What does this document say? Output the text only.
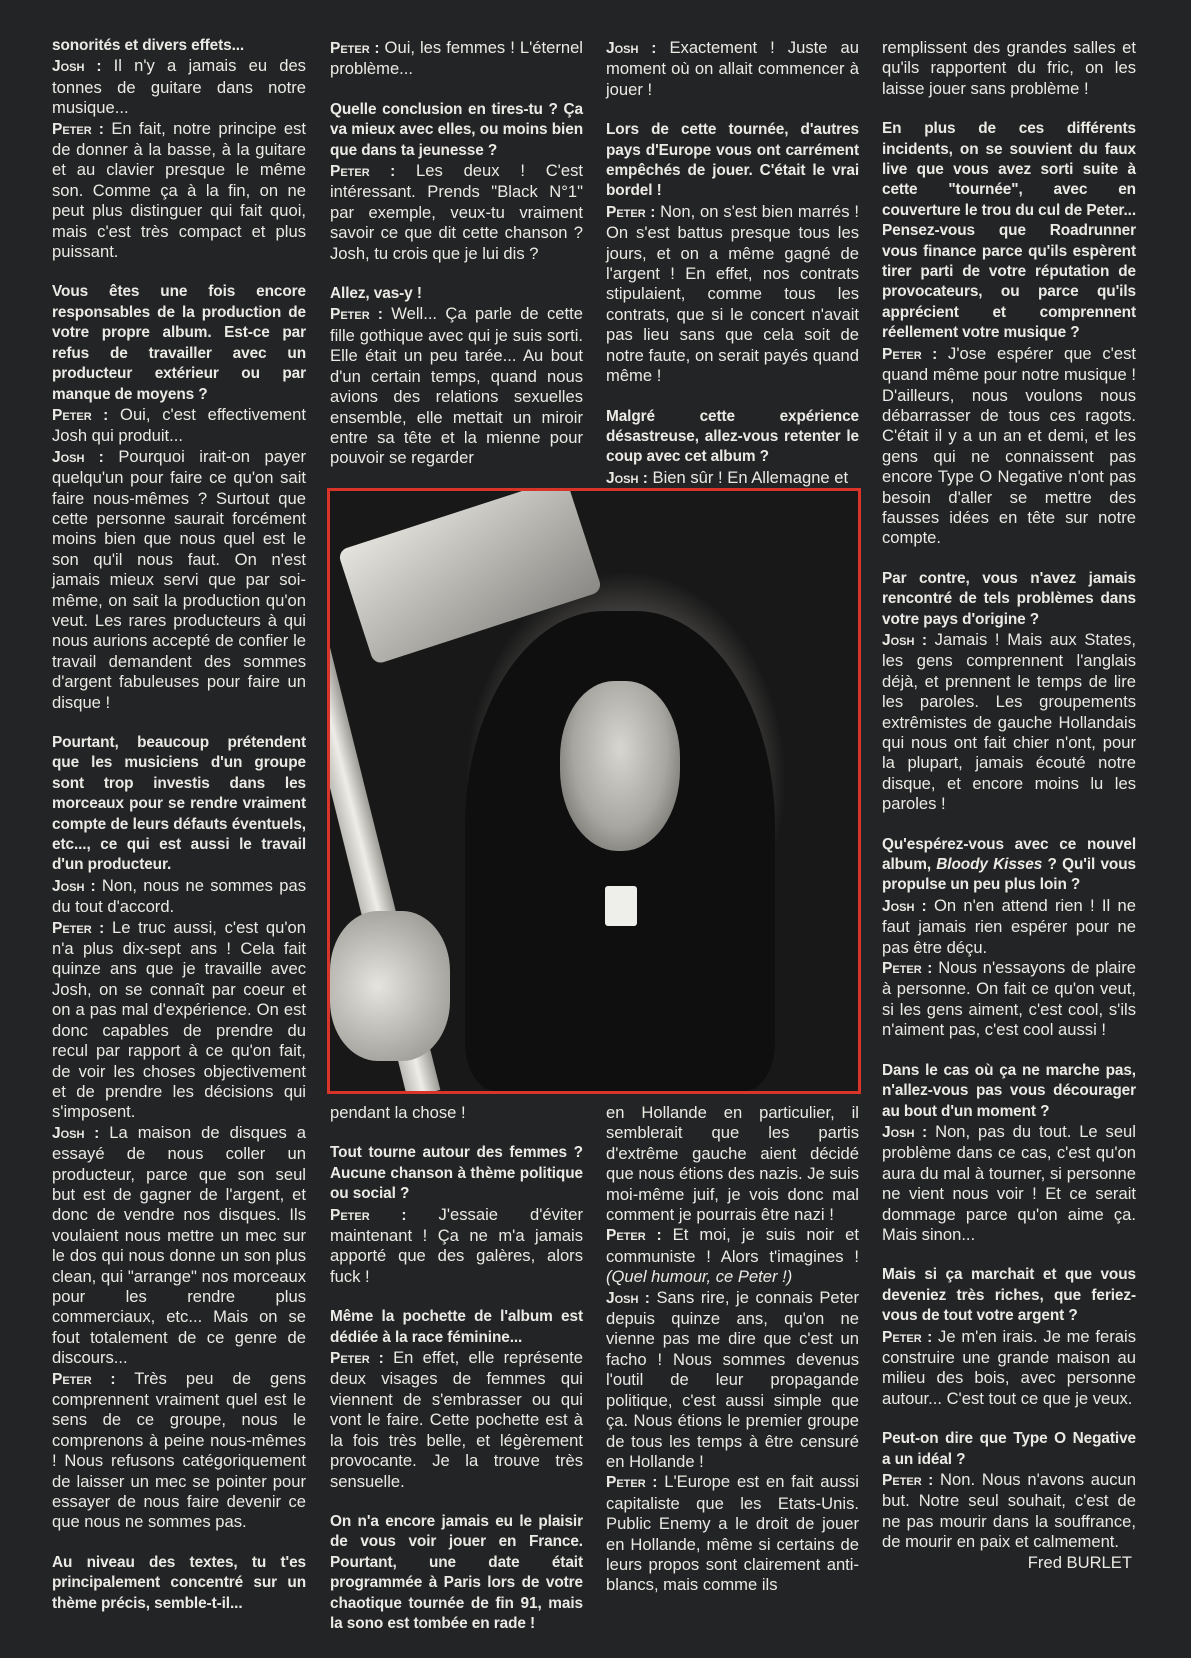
sonorités et divers effets...

Josh : Il n'y a jamais eu des tonnes de guitare dans notre musique...

Peter : En fait, notre principe est de donner à la basse, à la guitare et au clavier presque le même son. Comme ça à la fin, on ne peut plus distinguer qui fait quoi, mais c'est très compact et plus puissant.

Vous êtes une fois encore responsables de la production de votre propre album. Est-ce par refus de travailler avec un producteur extérieur ou par manque de moyens ?

Peter : Oui, c'est effectivement Josh qui produit...

Josh : Pourquoi irait-on payer quelqu'un pour faire ce qu'on sait faire nous-mêmes ? Surtout que cette personne saurait forcément moins bien que nous quel est le son qu'il nous faut. On n'est jamais mieux servi que par soi-même, on sait la production qu'on veut. Les rares producteurs à qui nous aurions accepté de confier le travail demandent des sommes d'argent fabuleuses pour faire un disque !

Pourtant, beaucoup prétendent que les musiciens d'un groupe sont trop investis dans les morceaux pour se rendre vraiment compte de leurs défauts éventuels, etc..., ce qui est aussi le travail d'un producteur.

Josh : Non, nous ne sommes pas du tout d'accord.

Peter : Le truc aussi, c'est qu'on n'a plus dix-sept ans ! Cela fait quinze ans que je travaille avec Josh, on se connaît par coeur et on a pas mal d'expérience. On est donc capables de prendre du recul par rapport à ce qu'on fait, de voir les choses objectivement et de prendre les décisions qui s'imposent.

Josh : La maison de disques a essayé de nous coller un producteur, parce que son seul but est de gagner de l'argent, et donc de vendre nos disques. Ils voulaient nous mettre un mec sur le dos qui nous donne un son plus clean, qui "arrange" nos morceaux pour les rendre plus commerciaux, etc... Mais on se fout totalement de ce genre de discours...

Peter : Très peu de gens comprennent vraiment quel est le sens de ce groupe, nous le comprenons à peine nous-mêmes ! Nous refusons catégoriquement de laisser un mec se pointer pour essayer de nous faire devenir ce que nous ne sommes pas.

Au niveau des textes, tu t'es principalement concentré sur un thème précis, semble-t-il...

Peter : Oui, les femmes ! L'éternel problème...

Quelle conclusion en tires-tu ? Ça va mieux avec elles, ou moins bien que dans ta jeunesse ?

Peter : Les deux ! C'est intéressant. Prends "Black N°1" par exemple, veux-tu vraiment savoir ce que dit cette chanson ? Josh, tu crois que je lui dis ?

Allez, vas-y !

Peter : Well... Ça parle de cette fille gothique avec qui je suis sorti. Elle était un peu tarée... Au bout d'un certain temps, quand nous avions des relations sexuelles ensemble, elle mettait un miroir entre sa tête et la mienne pour pouvoir se regarder

pendant la chose !

Tout tourne autour des femmes ? Aucune chanson à thème politique ou social ?

Peter : J'essaie d'éviter maintenant ! Ça ne m'a jamais apporté que des galères, alors fuck !

Même la pochette de l'album est dédiée à la race féminine...

Peter : En effet, elle représente deux visages de femmes qui viennent de s'embrasser ou qui vont le faire. Cette pochette est à la fois très belle, et légèrement provocante. Je la trouve très sensuelle.

On n'a encore jamais eu le plaisir de vous voir jouer en France. Pourtant, une date était programmée à Paris lors de votre chaotique tournée de fin 91, mais la sono est tombée en rade !

Josh : Exactement ! Juste au moment où on allait commencer à jouer !

Lors de cette tournée, d'autres pays d'Europe vous ont carrément empêchés de jouer. C'était le vrai bordel !

Peter : Non, on s'est bien marrés ! On s'est battus presque tous les jours, et on a même gagné de l'argent ! En effet, nos contrats stipulaient, comme tous les contrats, que si le concert n'avait pas lieu sans que cela soit de notre faute, on serait payés quand même !

Malgré cette expérience désastreuse, allez-vous retenter le coup avec cet album ?

Josh : Bien sûr ! En Allemagne et

en Hollande en particulier, il semblerait que les partis d'extrême gauche aient décidé que nous étions des nazis. Je suis moi-même juif, je vois donc mal comment je pourrais être nazi !

Peter : Et moi, je suis noir et communiste ! Alors t'imagines ! (Quel humour, ce Peter !)

Josh : Sans rire, je connais Peter depuis quinze ans, qu'on ne vienne pas me dire que c'est un facho ! Nous sommes devenus l'outil de leur propagande politique, c'est aussi simple que ça. Nous étions le premier groupe de tous les temps à être censuré en Hollande !

Peter : L'Europe est en fait aussi capitaliste que les Etats-Unis. Public Enemy a le droit de jouer en Hollande, même si certains de leurs propos sont clairement anti-blancs, mais comme ils

remplissent des grandes salles et qu'ils rapportent du fric, on les laisse jouer sans problème !

En plus de ces différents incidents, on se souvient du faux live que vous avez sorti suite à cette "tournée", avec en couverture le trou du cul de Peter... Pensez-vous que Roadrunner vous finance parce qu'ils espèrent tirer parti de votre réputation de provocateurs, ou parce qu'ils apprécient et comprennent réellement votre musique ?

Peter : J'ose espérer que c'est quand même pour notre musique ! D'ailleurs, nous voulons nous débarrasser de tous ces ragots. C'était il y a un an et demi, et les gens qui ne connaissent pas encore Type O Negative n'ont pas besoin d'aller se mettre des fausses idées en tête sur notre compte.

Par contre, vous n'avez jamais rencontré de tels problèmes dans votre pays d'origine ?

Josh : Jamais ! Mais aux States, les gens comprennent l'anglais déjà, et prennent le temps de lire les paroles. Les groupements extrêmistes de gauche Hollandais qui nous ont fait chier n'ont, pour la plupart, jamais écouté notre disque, et encore moins lu les paroles !

Qu'espérez-vous avec ce nouvel album, Bloody Kisses ? Qu'il vous propulse un peu plus loin ?

Josh : On n'en attend rien ! Il ne faut jamais rien espérer pour ne pas être déçu.

Peter : Nous n'essayons de plaire à personne. On fait ce qu'on veut, si les gens aiment, c'est cool, s'ils n'aiment pas, c'est cool aussi !

Dans le cas où ça ne marche pas, n'allez-vous pas vous décourager au bout d'un moment ?

Josh : Non, pas du tout. Le seul problème dans ce cas, c'est qu'on aura du mal à tourner, si personne ne vient nous voir ! Et ce serait dommage parce qu'on aime ça. Mais sinon...

Mais si ça marchait et que vous deveniez très riches, que feriez-vous de tout votre argent ?

Peter : Je m'en irais. Je me ferais construire une grande maison au milieu des bois, avec personne autour... C'est tout ce que je veux.

Peut-on dire que Type O Negative a un idéal ?

Peter : Non. Nous n'avons aucun but. Notre seul souhait, c'est de ne pas mourir dans la souffrance, de mourir en paix et calmement.

Fred BURLET
